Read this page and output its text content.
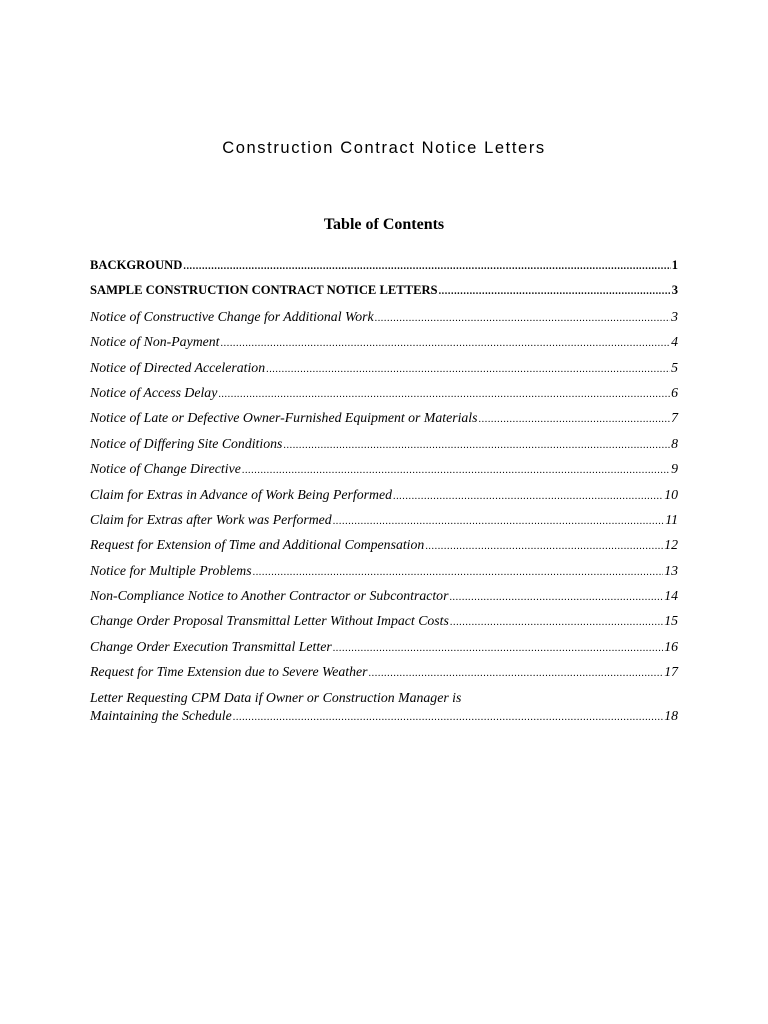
Construction Contract Notice Letters
Table of Contents
BACKGROUND .....	1
SAMPLE CONSTRUCTION CONTRACT NOTICE LETTERS .....	3
Notice of Constructive Change for Additional Work .....	3
Notice of Non-Payment .....	4
Notice of Directed Acceleration .....	5
Notice of Access Delay .....	6
Notice of Late or Defective Owner-Furnished Equipment or Materials .....	7
Notice of Differing Site Conditions .....	8
Notice of Change Directive .....	9
Claim for Extras in Advance of Work Being Performed .....	10
Claim for Extras after Work was Performed .....	11
Request for Extension of Time and Additional Compensation .....	12
Notice for Multiple Problems .....	13
Non-Compliance Notice to Another Contractor or Subcontractor .....	14
Change Order Proposal Transmittal Letter Without Impact Costs .....	15
Change Order Execution Transmittal Letter .....	16
Request for Time Extension due to Severe Weather .....	17
Letter Requesting CPM Data if Owner or Construction Manager is
Maintaining the Schedule .....	18
